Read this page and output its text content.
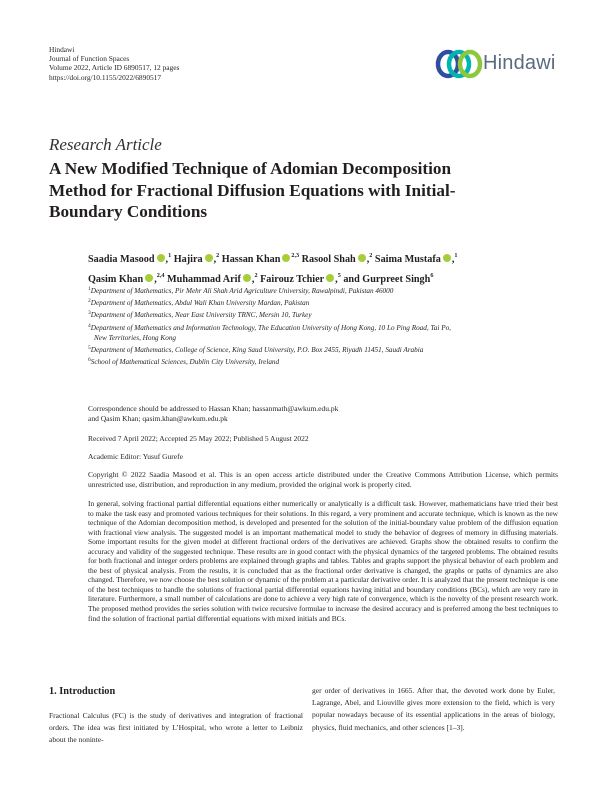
Hindawi
Journal of Function Spaces
Volume 2022, Article ID 6890517, 12 pages
https://doi.org/10.1155/2022/6890517
Hindawi
Research Article
A New Modified Technique of Adomian Decomposition Method for Fractional Diffusion Equations with Initial-Boundary Conditions
Saadia Masood ,$^1$ Hajira ,$^2$ Hassan Khan $^{2,3}$ Rasool Shah ,$^2$ Saima Mustafa ,$^1$
Qasim Khan ,$^{2,4}$ Muhammad Arif ,$^2$ Fairouz Tchier ,$^5$ and Gurpreet Singh$^6$
$^1$Department of Mathematics, Pir Mehr Ali Shah Arid Agriculture University, Rawalpindi, Pakistan 46000
$^2$Department of Mathematics, Abdul Wali Khan University Mardan, Pakistan
$^3$Department of Mathematics, Near East University TRNC, Mersin 10, Turkey
$^4$Department of Mathematics and Information Technology, The Education University of Hong Kong, 10 Lo Ping Road, Tai Po,
New Territories, Hong Kong
$^5$Department of Mathematics, College of Science, King Saud University, P.O. Box 2455, Riyadh 11451, Saudi Arabia
$^6$School of Mathematical Sciences, Dublin City University, Ireland
Correspondence should be addressed to Hassan Khan; hassanmath@awkum.edu.pk
and Qasim Khan; qasim.khan@awkum.edu.pk
Received 7 April 2022; Accepted 25 May 2022; Published 5 August 2022
Academic Editor: Yusuf Gurefe
Copyright © 2022 Saadia Masood et al. This is an open access article distributed under the Creative Commons Attribution License, which permits unrestricted use, distribution, and reproduction in any medium, provided the original work is properly cited.
In general, solving fractional partial differential equations either numerically or analytically is a difficult task. However, mathematicians have tried their best to make the task easy and promoted various techniques for their solutions. In this regard, a very prominent and accurate technique, which is known as the new technique of the Adomian decomposition method, is developed and presented for the solution of the initial-boundary value problem of the diffusion equation with fractional view analysis. The suggested model is an important mathematical model to study the behavior of degrees of memory in diffusing materials. Some important results for the given model at different fractional orders of the derivatives are achieved. Graphs show the obtained results to confirm the accuracy and validity of the suggested technique. These results are in good contact with the physical dynamics of the targeted problems. The obtained results for both fractional and integer orders problems are explained through graphs and tables. Tables and graphs support the physical behavior of each problem and the best of physical analysis. From the results, it is concluded that as the fractional order derivative is changed, the graphs or paths of dynamics are also changed. Therefore, we now choose the best solution or dynamic of the problem at a particular derivative order. It is analyzed that the present technique is one of the best techniques to handle the solutions of fractional partial differential equations having initial and boundary conditions (BCs), which are very rare in literature. Furthermore, a small number of calculations are done to achieve a very high rate of convergence, which is the novelty of the present research work. The proposed method provides the series solution with twice recursive formulae to increase the desired accuracy and is preferred among the best techniques to find the solution of fractional partial differential equations with mixed initials and BCs.
1. Introduction
Fractional Calculus (FC) is the study of derivatives and integration of fractional orders. The idea was first initiated by L’Hospital, who wrote a letter to Leibniz about the noninte-
ger order of derivatives in 1665. After that, the devoted work done by Euler, Lagrange, Abel, and Liouville gives more extension to the field, which is very popular nowadays because of its essential applications in the areas of biology, physics, fluid mechanics, and other sciences [1–3].
